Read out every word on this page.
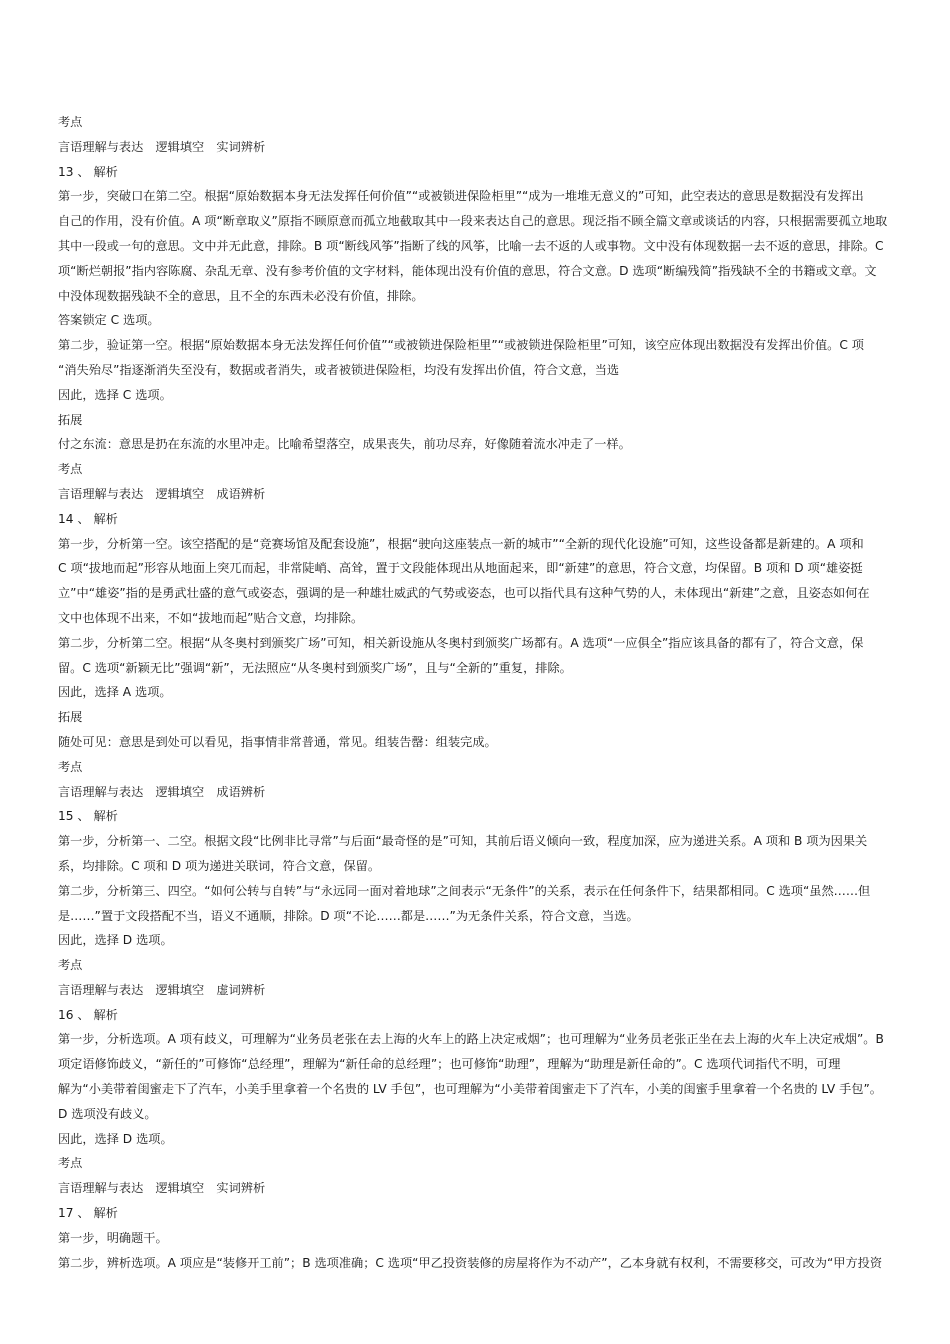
考点
言语理解与表达　逻辑填空　实词辨析
13 、 解析
第一步，突破口在第二空。根据“原始数据本身无法发挥任何价值”“或被锁进保险柜里”“成为一堆堆无意义的”可知，此空表达的意思是数据没有发挥出
自己的作用，没有价值。A 项“断章取义”原指不顾原意而孤立地截取其中一段来表达自己的意思。现泛指不顾全篇文章或谈话的内容，只根据需要孤立地取
其中一段或一句的意思。文中并无此意，排除。B 项“断线风筝”指断了线的风筝，比喻一去不返的人或事物。文中没有体现数据一去不返的意思，排除。C
项“断烂朝报”指内容陈腐、杂乱无章、没有参考价值的文字材料，能体现出没有价值的意思，符合文意。D 选项“断编残简”指残缺不全的书籍或文章。文
中没体现数据残缺不全的意思，且不全的东西未必没有价值，排除。
答案锁定 C 选项。
第二步，验证第一空。根据“原始数据本身无法发挥任何价值”“或被锁进保险柜里”“或被锁进保险柜里”可知，该空应体现出数据没有发挥出价值。C 项
“消失殆尽”指逐渐消失至没有，数据或者消失，或者被锁进保险柜，均没有发挥出价值，符合文意，当选
因此，选择 C 选项。
拓展
付之东流：意思是扔在东流的水里冲走。比喻希望落空，成果丧失，前功尽弃，好像随着流水冲走了一样。
考点
言语理解与表达　逻辑填空　成语辨析
14 、 解析
第一步，分析第一空。该空搭配的是“竞赛场馆及配套设施”，根据“驶向这座装点一新的城市”“全新的现代化设施”可知，这些设备都是新建的。A 项和
C 项“拔地而起”形容从地面上突兀而起，非常陡峭、高耸，置于文段能体现出从地面起来，即“新建”的意思，符合文意，均保留。B 项和 D 项“雄姿挺
立”中“雄姿”指的是勇武壮盛的意气或姿态，强调的是一种雄壮威武的气势或姿态，也可以指代具有这种气势的人，未体现出“新建”之意，且姿态如何在
文中也体现不出来，不如“拔地而起”贴合文意，均排除。
第二步，分析第二空。根据“从冬奥村到颁奖广场”可知，相关新设施从冬奥村到颁奖广场都有。A 选项“一应俱全”指应该具备的都有了，符合文意，保
留。C 选项“新颖无比”强调“新”，无法照应“从冬奥村到颁奖广场”，且与“全新的”重复，排除。
因此，选择 A 选项。
拓展
随处可见：意思是到处可以看见，指事情非常普通，常见。组装告罄：组装完成。
考点
言语理解与表达　逻辑填空　成语辨析
15 、 解析
第一步，分析第一、二空。根据文段“比例非比寻常”与后面“最奇怪的是”可知，其前后语义倾向一致，程度加深，应为递进关系。A 项和 B 项为因果关
系，均排除。C 项和 D 项为递进关联词，符合文意，保留。
第二步，分析第三、四空。“如何公转与自转”与“永远同一面对着地球”之间表示“无条件”的关系，表示在任何条件下，结果都相同。C 选项“虽然……但
是……”置于文段搭配不当，语义不通顺，排除。D 项“不论……都是……”为无条件关系，符合文意，当选。
因此，选择 D 选项。
考点
言语理解与表达　逻辑填空　虚词辨析
16 、 解析
第一步，分析选项。A 项有歧义，可理解为“业务员老张在去上海的火车上的路上决定戒烟”；也可理解为“业务员老张正坐在去上海的火车上决定戒烟”。B
项定语修饰歧义，“新任的”可修饰“总经理”，理解为“新任命的总经理”；也可修饰“助理”，理解为“助理是新任命的”。C 选项代词指代不明，可理
解为“小美带着闺蜜走下了汽车，小美手里拿着一个名贵的 LV 手包”，也可理解为“小美带着闺蜜走下了汽车，小美的闺蜜手里拿着一个名贵的 LV 手包”。
D 选项没有歧义。
因此，选择 D 选项。
考点
言语理解与表达　逻辑填空　实词辨析
17 、 解析
第一步，明确题干。
第二步，辨析选项。A 项应是“装修开工前”；B 选项准确；C 选项“甲乙投资装修的房屋将作为不动产”，乙本身就有权利，不需要移交，可改为“甲方投资
